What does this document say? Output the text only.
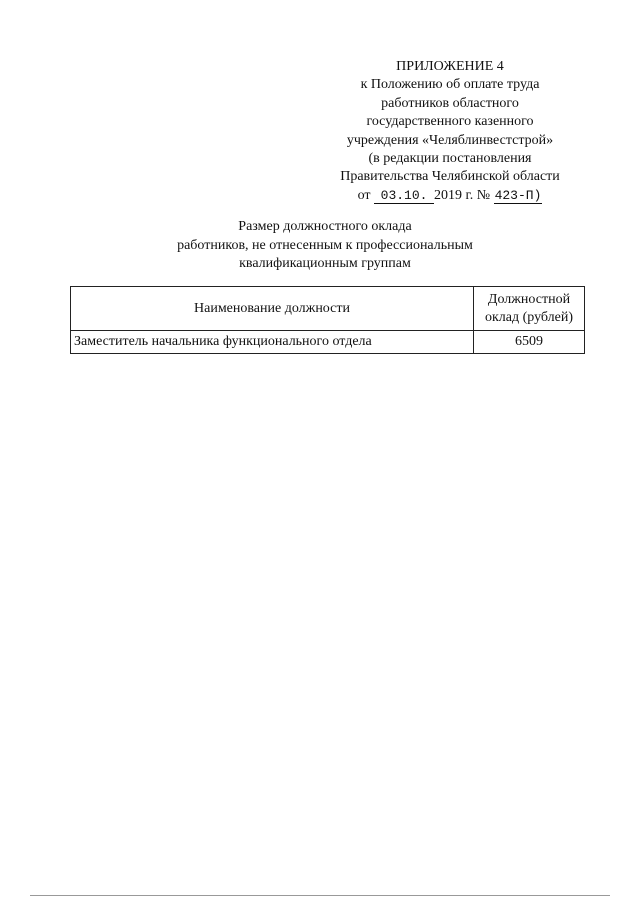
ПРИЛОЖЕНИЕ 4
к Положению об оплате труда
работников областного
государственного казенного
учреждения «Челяблинвестстрой»
(в редакции постановления
Правительства Челябинской области
от 03.10. 2019 г. № 423-П)
Размер должностного оклада
работников, не отнесенным к профессиональным
квалификационным группам
Наименование должности	Должностной
оклад (рублей)

Заместитель начальника функционального отдела	6509
